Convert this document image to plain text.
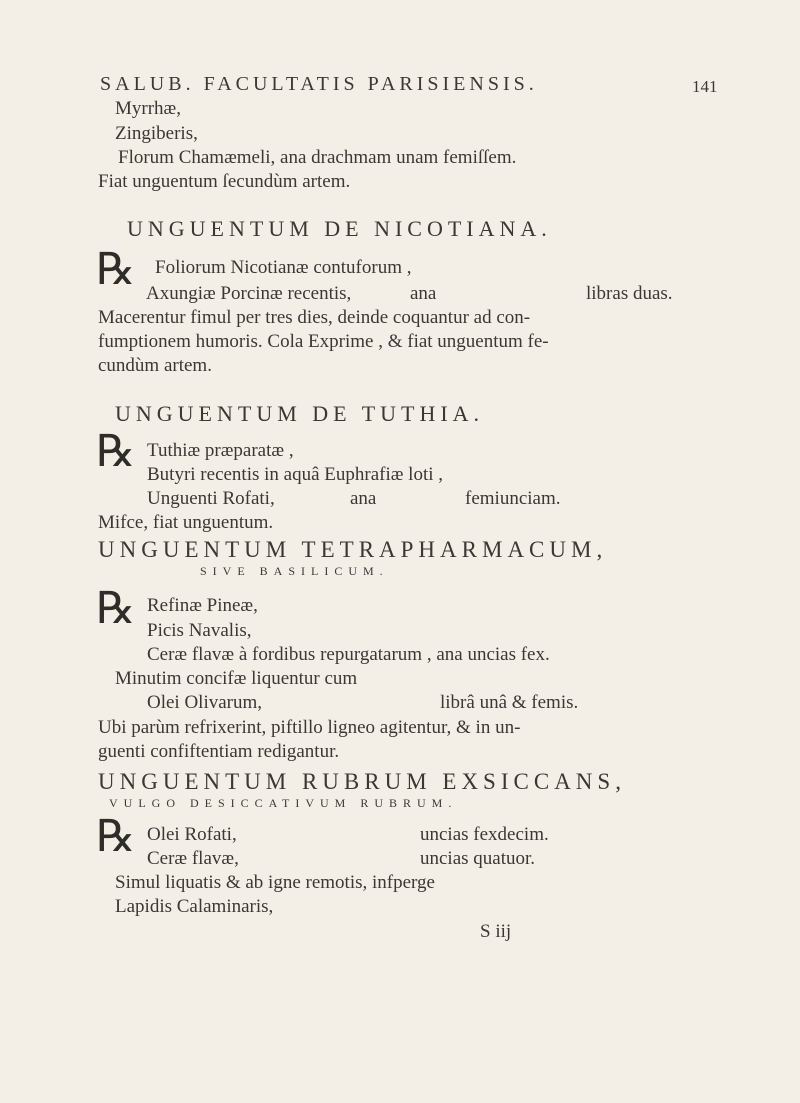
SALUB. FACULTATIS PARISIENSIS.	141
Myrrhæ,
Zingiberis,
Florum Chamæmeli, ana drachmam unam femiſſem.
Fiat unguentum ſecundùm artem.
UNGUENTUM DE NICOTIANA.
℞ Foliorum Nicotianæ contuforum ,
Axungiæ Porcinæ recentis,	ana	libras duas.
Macerentur fimul per tres dies, deinde coquantur ad con-
fumptionem humoris. Cola Exprime , & fiat unguentum fe-
cundùm artem.
UNGUENTUM DE TUTHIA.
℞ Tuthiæ præparatæ ,
Butyri recentis in aquâ Euphrafiæ loti ,
Unguenti Rofati,	ana	femiunciam.
Mifce, fiat unguentum.
UNGUENTUM TETRAPHARMACUM,
SIVE BASILICUM.
℞ Refinæ Pineæ,
Picis Navalis,
Ceræ flavæ à fordibus repurgatarum , ana uncias fex.
Minutim concifæ liquentur cum
Olei Olivarum,	librâ unâ & femis.
Ubi parùm refrixerint, piftillo ligneo agitentur, & in un-
guenti confiftentiam redigantur.
UNGUENTUM RUBRUM EXSICCANS,
VULGO DESICCATIVUM RUBRUM.
℞ Olei Rofati,	uncias fexdecim.
Ceræ flavæ,	uncias quatuor.
Simul liquatis & ab igne remotis, infperge
Lapidis Calaminaris,
S iij
